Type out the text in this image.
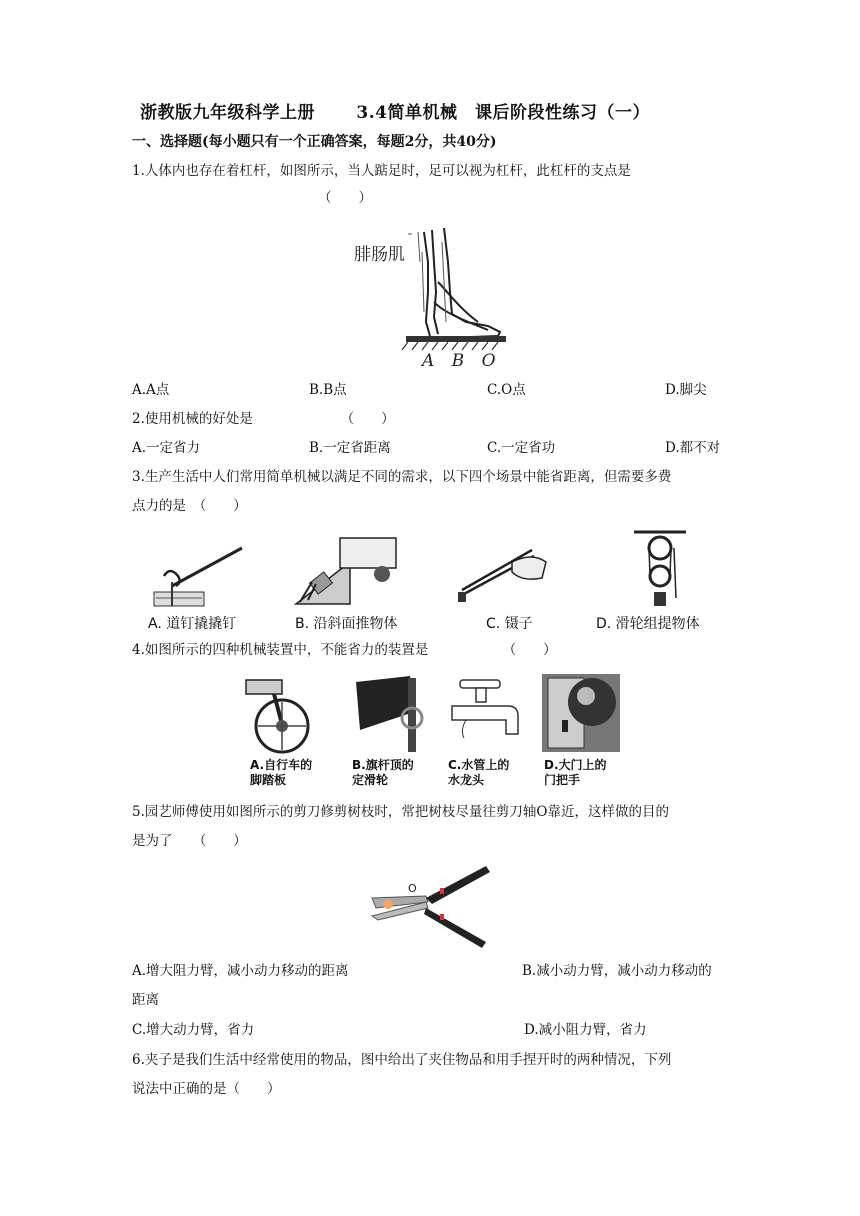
浙教版九年级科学上册　　 3.4简单机械　课后阶段性练习（一）
一、选择题(每小题只有一个正确答案，每题2分，共40分)
1.人体内也存在着杠杆，如图所示，当人踮足时，足可以视为杠杆，此杠杆的支点是
（　　）
腓肠肌
A B O
A.A点	B.B点	C.O点	D.脚尖
2.使用机械的好处是　　　　　　　（　　）
A.一定省力	B.一定省距离	C.一定省功	D.都不对
3.生产生活中人们常用简单机械以满足不同的需求，以下四个场景中能省距离，但需要多费
点力的是　（　　）
A. 道钉撬撬钉	B. 沿斜面推物体	C. 镊子	D. 滑轮组提物体
4.如图所示的四种机械装置中，不能省力的装置是　　　　　　（　　）
A.自行车的
脚踏板
B.旗杆顶的
定滑轮
C.水管上的
水龙头
D.大门上的
门把手
5.园艺师傅使用如图所示的剪刀修剪树枝时，常把树枝尽量往剪刀轴O靠近，这样做的目的
是为了　　（　　）
O
A.增大阻力臂，减小动力移动的距离	B.减小动力臂，减小动力移动的
距离
C.增大动力臂，省力	D.减小阻力臂，省力
6.夹子是我们生活中经常使用的物品，图中给出了夹住物品和用手捏开时的两种情况，下列
说法中正确的是（　　）
